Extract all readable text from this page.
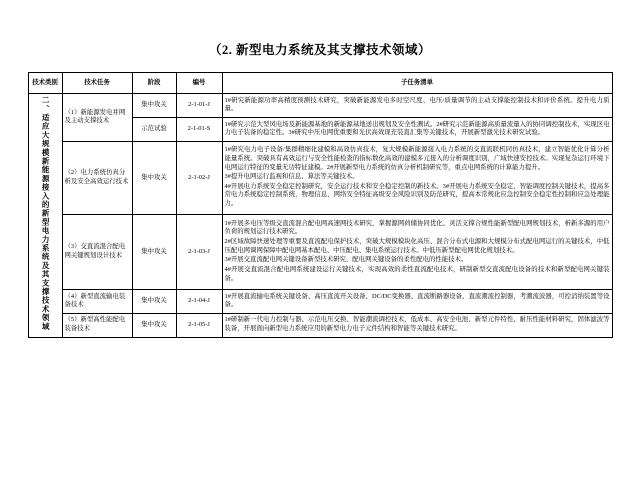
（2. 新型电力系统及其支撑技术领域）
技术类别	技术任务	阶段	编号	子任务清单
二、适应大规模新能源接入的新型电力系统及其支撑技术领域	（1）新能源发电并网及主动支撑技术	集中攻关	2-1-01-J	1#研究新能源功率高精度预测技术研究，突破新能源发电多时空尺度、电压/质量调节的主动支撑能控制技术和评价系统。提升电力质量。
		示范试验	2-1-01-S	1#研究示范大型风电场及新能源基地的新能源基地送出规划及安全性测试。2#研究示范新能源高质量流量入的协同调控制技术，实现区电力电子装备的稳定性。3#研究中压电网优重要和光伏高效现充装直汇集等关键技术，开展新型激光技术研究试验。
	（2）电力系统仿真分析及安全高效运行技术	集中攻关	2-1-02-J	1#研究电力电子设备/集群精细化建模和高效仿真技术，复大规模新能源接入电力系统的交直流联机同仿真技术，建立智能优化计算分析能量系统。突破具有高效运行与安全性能检查的指标数化高效的建模多元接入的分析调度识别，广域快速安控技术。实现复杂运行环境下电网运行特征的变量无功特征建模。2#开展新型电力系统的仿真分析机制研究等，重点电网系统的计算能力提升。

3#提升电网运行监视和信息、算法等关键技术。

4#开展电力系统安全稳定控制研究，安全运行技术和安全稳定控制的新技术。3#开展电力系统安全稳定、智能调度控制关键技术，提高多常电力系统稳定控制系统，物理信息、网络安全特征高级安全风险识别及防范研究，提高本常规化应急控制安全稳定性控制和应急处理能力。

	（3）交直流混合配电网关键规划设计技术	集中攻关	2-1-03-J	1#开展多电压等级交直流混合配电网高速网技术研究，掌握源网荷储协同优化、灵活支撑合规性能新型配电网规划技术，析新多源的用户负荷的规划运行技术研究。

2#区域故障快速处理等重要及直流配电保护技术，突破大规模模块化高压、混合分布式电源和大规模分布式配电网运行的关键技术，中低压配电网调网保障中配电网基本配电、中压配电、集电系统运行技术。中低压新型配电网优化规划技术。

3#开展交直流配电网关键设备新型技术研究、配电网关键设备的柔性配电的性能技术。

4#开展交直流混合配电网系统建设运行关键技术，实现高效的柔性直流配电技术，研制新型交直流配电设备的技术和新型配电网关键装备。

	（4）新型直流输电装备技术	集中攻关	2-1-04-J	1#开展直流输电系统关键设备、高压直流开关设备、DC/DC变换器、直流断路器设备、直流潮流控制器，考潮流波器，可控消纳装置等设备。
	（5）新型高性能配电装备技术	集中攻关	2-1-05-J	1#研制新一代电力控制与器、示范电压交换、智能潮流调控技术，低成本、高安全电池、新型元件特性、耐压性能材料研究，固体滤波等装备，开展面向新型电力系统应用的新型电力电子元件结构和智能等关键技术研究。
